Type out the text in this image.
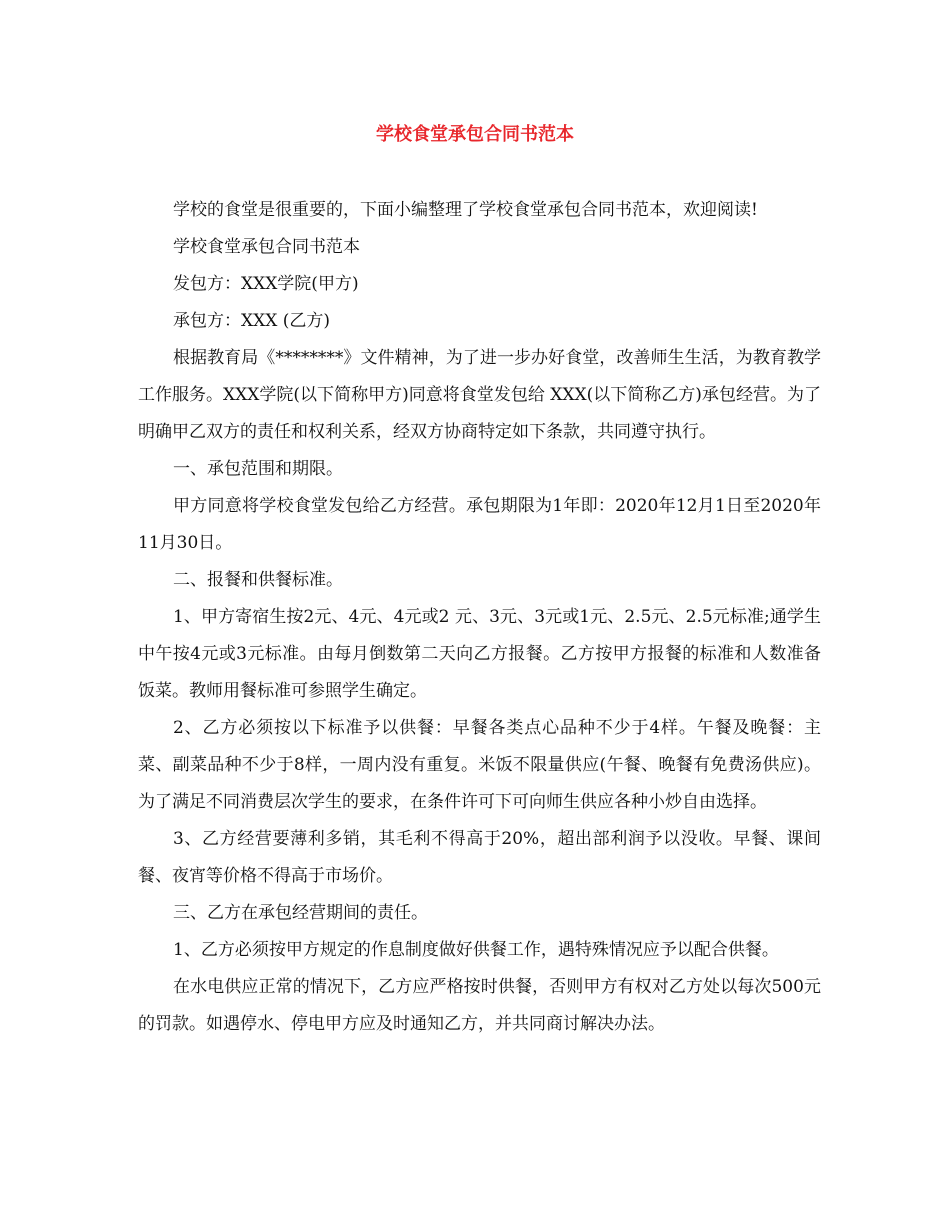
学校食堂承包合同书范本

学校的食堂是很重要的，下面小编整理了学校食堂承包合同书范本，欢迎阅读!

学校食堂承包合同书范本

发包方：XXX学院(甲方)

承包方：XXX (乙方)

根据教育局《********》文件精神，为了进一步办好食堂，改善师生生活，为教育教学工作服务。XXX学院(以下简称甲方)同意将食堂发包给 XXX(以下简称乙方)承包经营。为了明确甲乙双方的责任和权利关系，经双方协商特定如下条款，共同遵守执行。

一、承包范围和期限。

甲方同意将学校食堂发包给乙方经营。承包期限为1年即：2020年12月1日至2020年11月30日。

二、报餐和供餐标准。

1、甲方寄宿生按2元、4元、4元或2 元、3元、3元或1元、2.5元、2.5元标准;通学生中午按4元或3元标准。由每月倒数第二天向乙方报餐。乙方按甲方报餐的标准和人数准备饭菜。教师用餐标准可参照学生确定。

2、乙方必须按以下标准予以供餐：早餐各类点心品种不少于4样。午餐及晚餐：主菜、副菜品种不少于8样，一周内没有重复。米饭不限量供应(午餐、晚餐有免费汤供应)。为了满足不同消费层次学生的要求，在条件许可下可向师生供应各种小炒自由选择。

3、乙方经营要薄利多销，其毛利不得高于20%，超出部利润予以没收。早餐、课间餐、夜宵等价格不得高于市场价。

三、乙方在承包经营期间的责任。

1、乙方必须按甲方规定的作息制度做好供餐工作，遇特殊情况应予以配合供餐。

在水电供应正常的情况下，乙方应严格按时供餐，否则甲方有权对乙方处以每次500元的罚款。如遇停水、停电甲方应及时通知乙方，并共同商讨解决办法。
